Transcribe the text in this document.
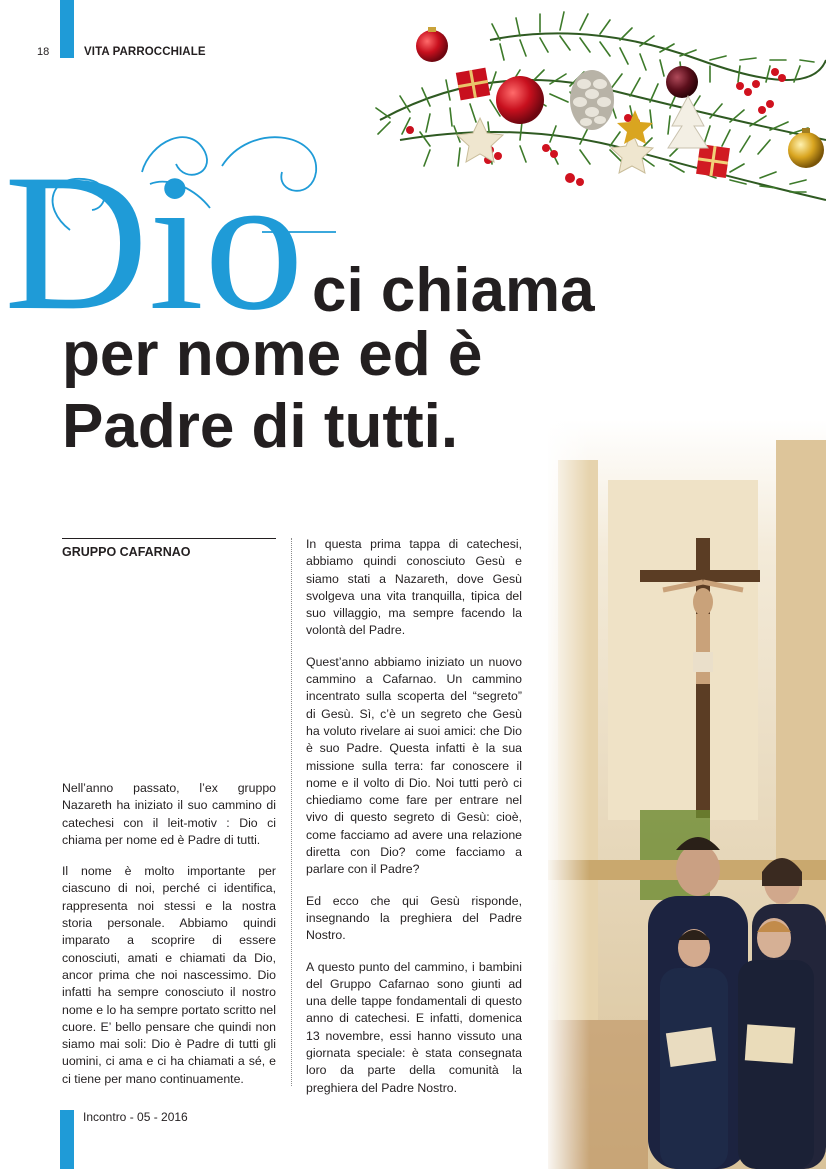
18	VITA PARROCCHIALE
Dio ci chiama
per nome ed è
Padre di tutti.
GRUPPO CAFARNAO

Nell’anno passato, l’ex gruppo Nazareth ha iniziato il suo cammino di catechesi con il leit-motiv : Dio ci chiama per nome ed è Padre di tutti.

Il nome è molto importante per ciascuno di noi, perché ci identifica, rappresenta noi stessi e la nostra storia personale. Abbiamo quindi imparato a scoprire di essere conosciuti, amati e chiamati da Dio, ancor prima che noi nascessimo. Dio infatti ha sempre conosciuto il nostro nome e lo ha sempre portato scritto nel cuore. E’ bello pensare che quindi non siamo mai soli: Dio è Padre di tutti gli uomini, ci ama e ci ha chiamati a sé, e ci tiene per mano continuamente.

In questa prima tappa di catechesi, abbiamo quindi conosciuto Gesù e siamo stati a Nazareth, dove Gesù svolgeva una vita tranquilla, tipica del suo villaggio, ma sempre facendo la volontà del Padre.

Quest’anno abbiamo iniziato un nuovo cammino a Cafarnao. Un cammino incentrato sulla scoperta del “segreto” di Gesù. Sì, c’è un segreto che Gesù ha voluto rivelare ai suoi amici: che Dio è suo Padre. Questa infatti è la sua missione sulla terra: far conoscere il nome e il volto di Dio. Noi tutti però ci chiediamo come fare per entrare nel vivo di questo segreto di Gesù: cioè, come facciamo ad avere una relazione diretta con Dio? come facciamo a parlare con il Padre?

Ed ecco che qui Gesù risponde, insegnando la preghiera del Padre Nostro.

A questo punto del cammino, i bambini del Gruppo Cafarnao sono giunti ad una delle tappe fondamentali di questo anno di catechesi. E infatti, domenica 13 novembre, essi hanno vissuto una giornata speciale: è stata consegnata loro da parte della comunità la preghiera del Padre Nostro.

Incontro - 05 - 2016
